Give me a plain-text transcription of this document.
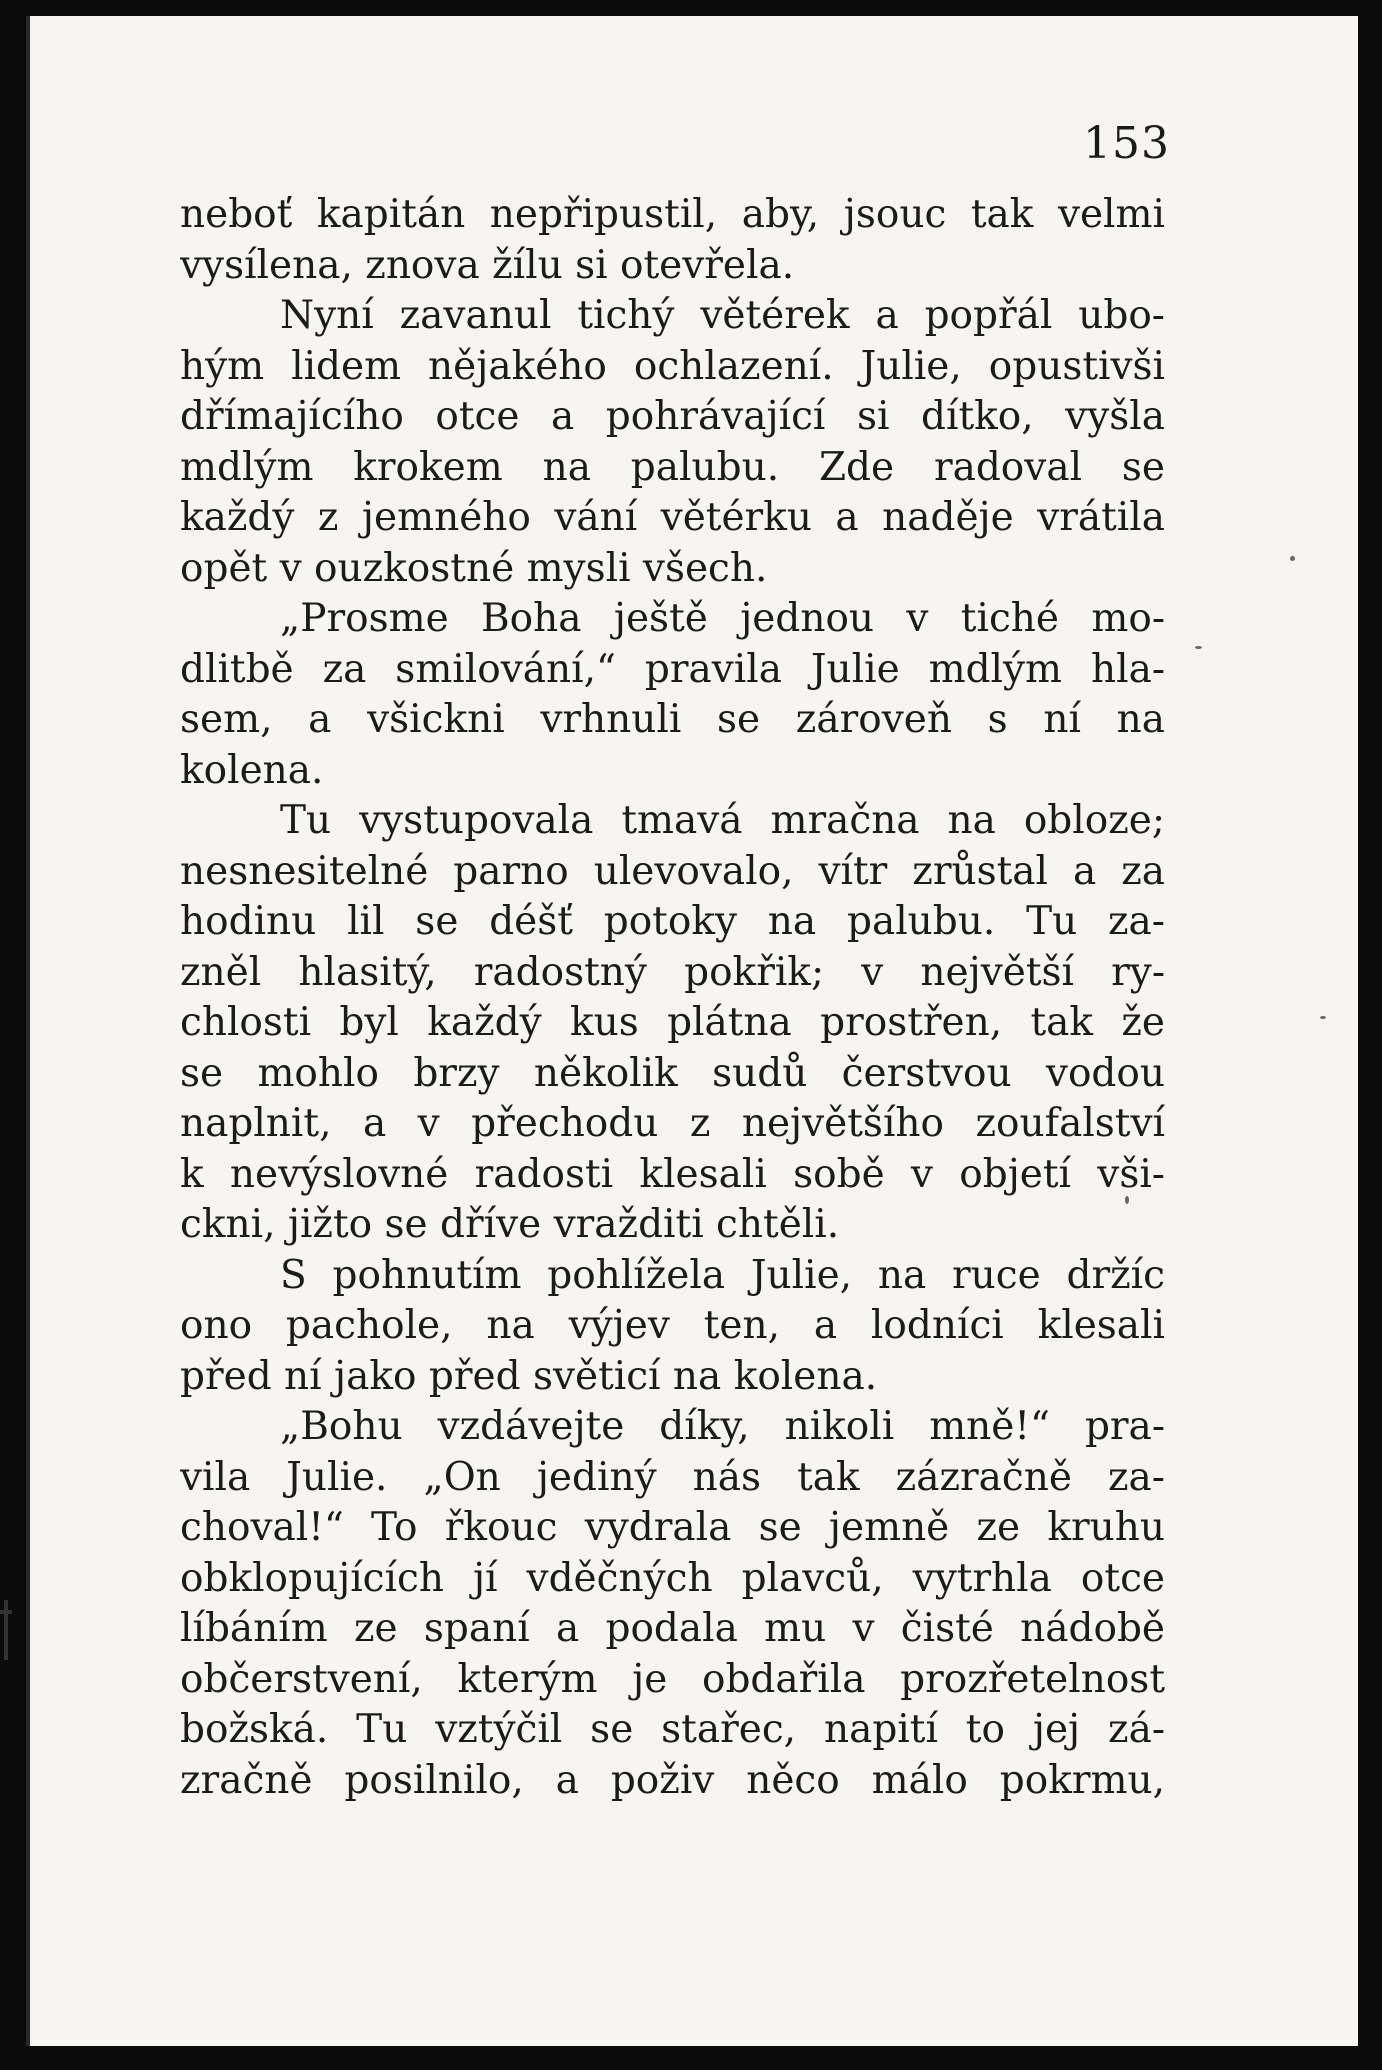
153
neboť kapitán nepřipustil, aby, jsouc tak velmi
vysílena, znova žílu si otevřela.
Nyní zavanul tichý větérek a popřál ubo-
hým lidem nějakého ochlazení. Julie, opustivši
dřímajícího otce a pohrávající si dítko, vyšla
mdlým krokem na palubu. Zde radoval se
každý z jemného vání větérku a naděje vrátila
opět v ouzkostné mysli všech.
„Prosme Boha ještě jednou v tiché mo-
dlitbě za smilování,“ pravila Julie mdlým hla-
sem, a všickni vrhnuli se zároveň s ní na
kolena.
Tu vystupovala tmavá mračna na obloze;
nesnesitelné parno ulevovalo, vítr zrůstal a za
hodinu lil se déšť potoky na palubu. Tu za-
zněl hlasitý, radostný pokřik; v největší ry-
chlosti byl každý kus plátna prostřen, tak že
se mohlo brzy několik sudů čerstvou vodou
naplnit, a v přechodu z největšího zoufalství
k nevýslovné radosti klesali sobě v objetí vši-
ckni, jižto se dříve vražditi chtěli.
S pohnutím pohlížela Julie, na ruce držíc
ono pachole, na výjev ten, a lodníci klesali
před ní jako před světicí na kolena.
„Bohu vzdávejte díky, nikoli mně!“ pra-
vila Julie. „On jediný nás tak zázračně za-
choval!“ To řkouc vydrala se jemně ze kruhu
obklopujících jí vděčných plavců, vytrhla otce
líbáním ze spaní a podala mu v čisté nádobě
občerstvení, kterým je obdařila prozřetelnost
božská. Tu vztýčil se stařec, napití to jej zá-
zračně posilnilo, a poživ něco málo pokrmu,
